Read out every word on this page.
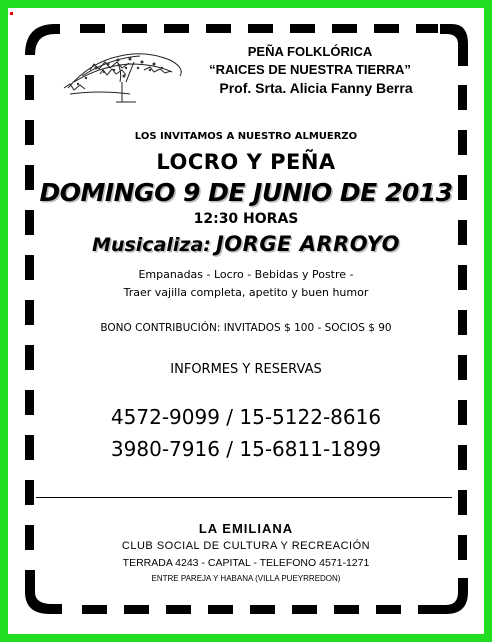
PEÑA FOLKLÓRICA
“RAICES DE NUESTRA TIERRA”
Prof. Srta. Alicia Fanny Berra
LOS INVITAMOS A NUESTRO ALMUERZO
LOCRO Y PEÑA
DOMINGO 9 DE JUNIO DE 2013
12:30 HORAS
Musicaliza: JORGE ARROYO
Empanadas - Locro - Bebidas y Postre -
Traer vajilla completa, apetito y buen humor
BONO CONTRIBUCIÓN: INVITADOS $ 100 - SOCIOS $ 90
INFORMES Y RESERVAS
4572-9099 / 15-5122-8616
3980-7916 / 15-6811-1899
LA EMILIANA
CLUB SOCIAL DE CULTURA Y RECREACIÓN
TERRADA 4243 - CAPITAL - TELEFONO 4571-1271
ENTRE PAREJA Y HABANA (VILLA PUEYRREDON)
